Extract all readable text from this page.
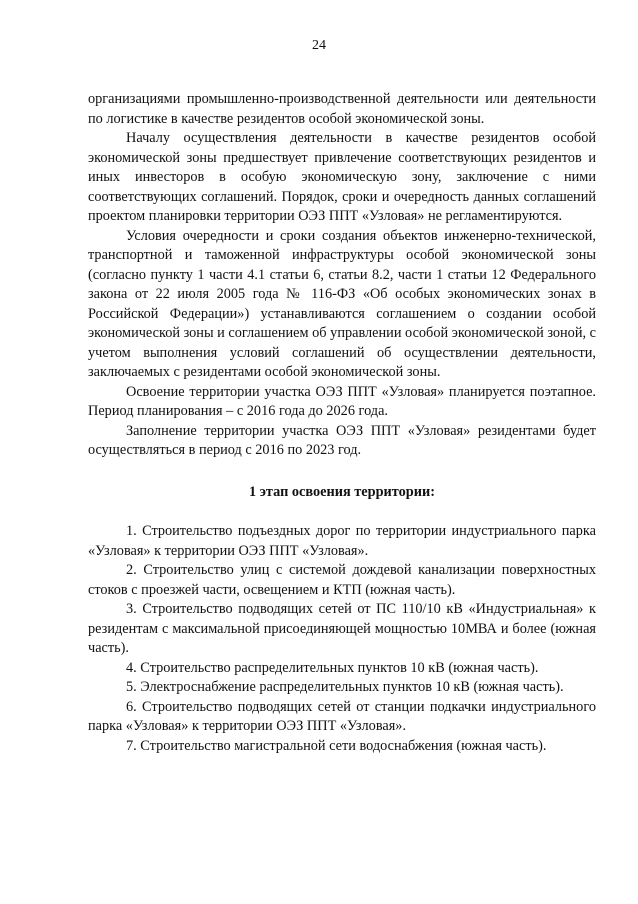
24

организациями промышленно-производственной деятельности или деятельности по логистике в качестве резидентов особой экономической зоны.

Началу осуществления деятельности в качестве резидентов особой экономической зоны предшествует привлечение соответствующих резидентов и иных инвесторов в особую экономическую зону, заключение с ними соответствующих соглашений. Порядок, сроки и очередность данных соглашений проектом планировки территории ОЭЗ ППТ «Узловая» не регламентируются.

Условия очередности и сроки создания объектов инженерно-технической, транспортной и таможенной инфраструктуры особой экономической зоны (согласно пункту 1 части 4.1 статьи 6, статьи 8.2, части 1 статьи 12 Федерального закона от 22 июля 2005 года № 116-ФЗ «Об особых экономических зонах в Российской Федерации») устанавливаются соглашением о создании особой экономической зоны и соглашением об управлении особой экономической зоной, с учетом выполнения условий соглашений об осуществлении деятельности, заключаемых с резидентами особой экономической зоны.

Освоение территории участка ОЭЗ ППТ «Узловая» планируется поэтапное. Период планирования – с 2016 года до 2026 года.

Заполнение территории участка ОЭЗ ППТ «Узловая» резидентами будет осуществляться в период с 2016 по 2023 год.

1 этап освоения территории:
1. Строительство подъездных дорог по территории индустриального парка «Узловая» к территории ОЭЗ ППТ «Узловая».
2. Строительство улиц с системой дождевой канализации поверхностных стоков с проезжей части, освещением и КТП (южная часть).
3. Строительство подводящих сетей от ПС 110/10 кВ «Индустриальная» к резидентам с максимальной присоединяющей мощностью 10МВА и более (южная часть).
4. Строительство распределительных пунктов 10 кВ (южная часть).
5. Электроснабжение распределительных пунктов 10 кВ (южная часть).
6. Строительство подводящих сетей от станции подкачки индустриального парка «Узловая» к территории ОЭЗ ППТ «Узловая».
7. Строительство магистральной сети водоснабжения (южная часть).
